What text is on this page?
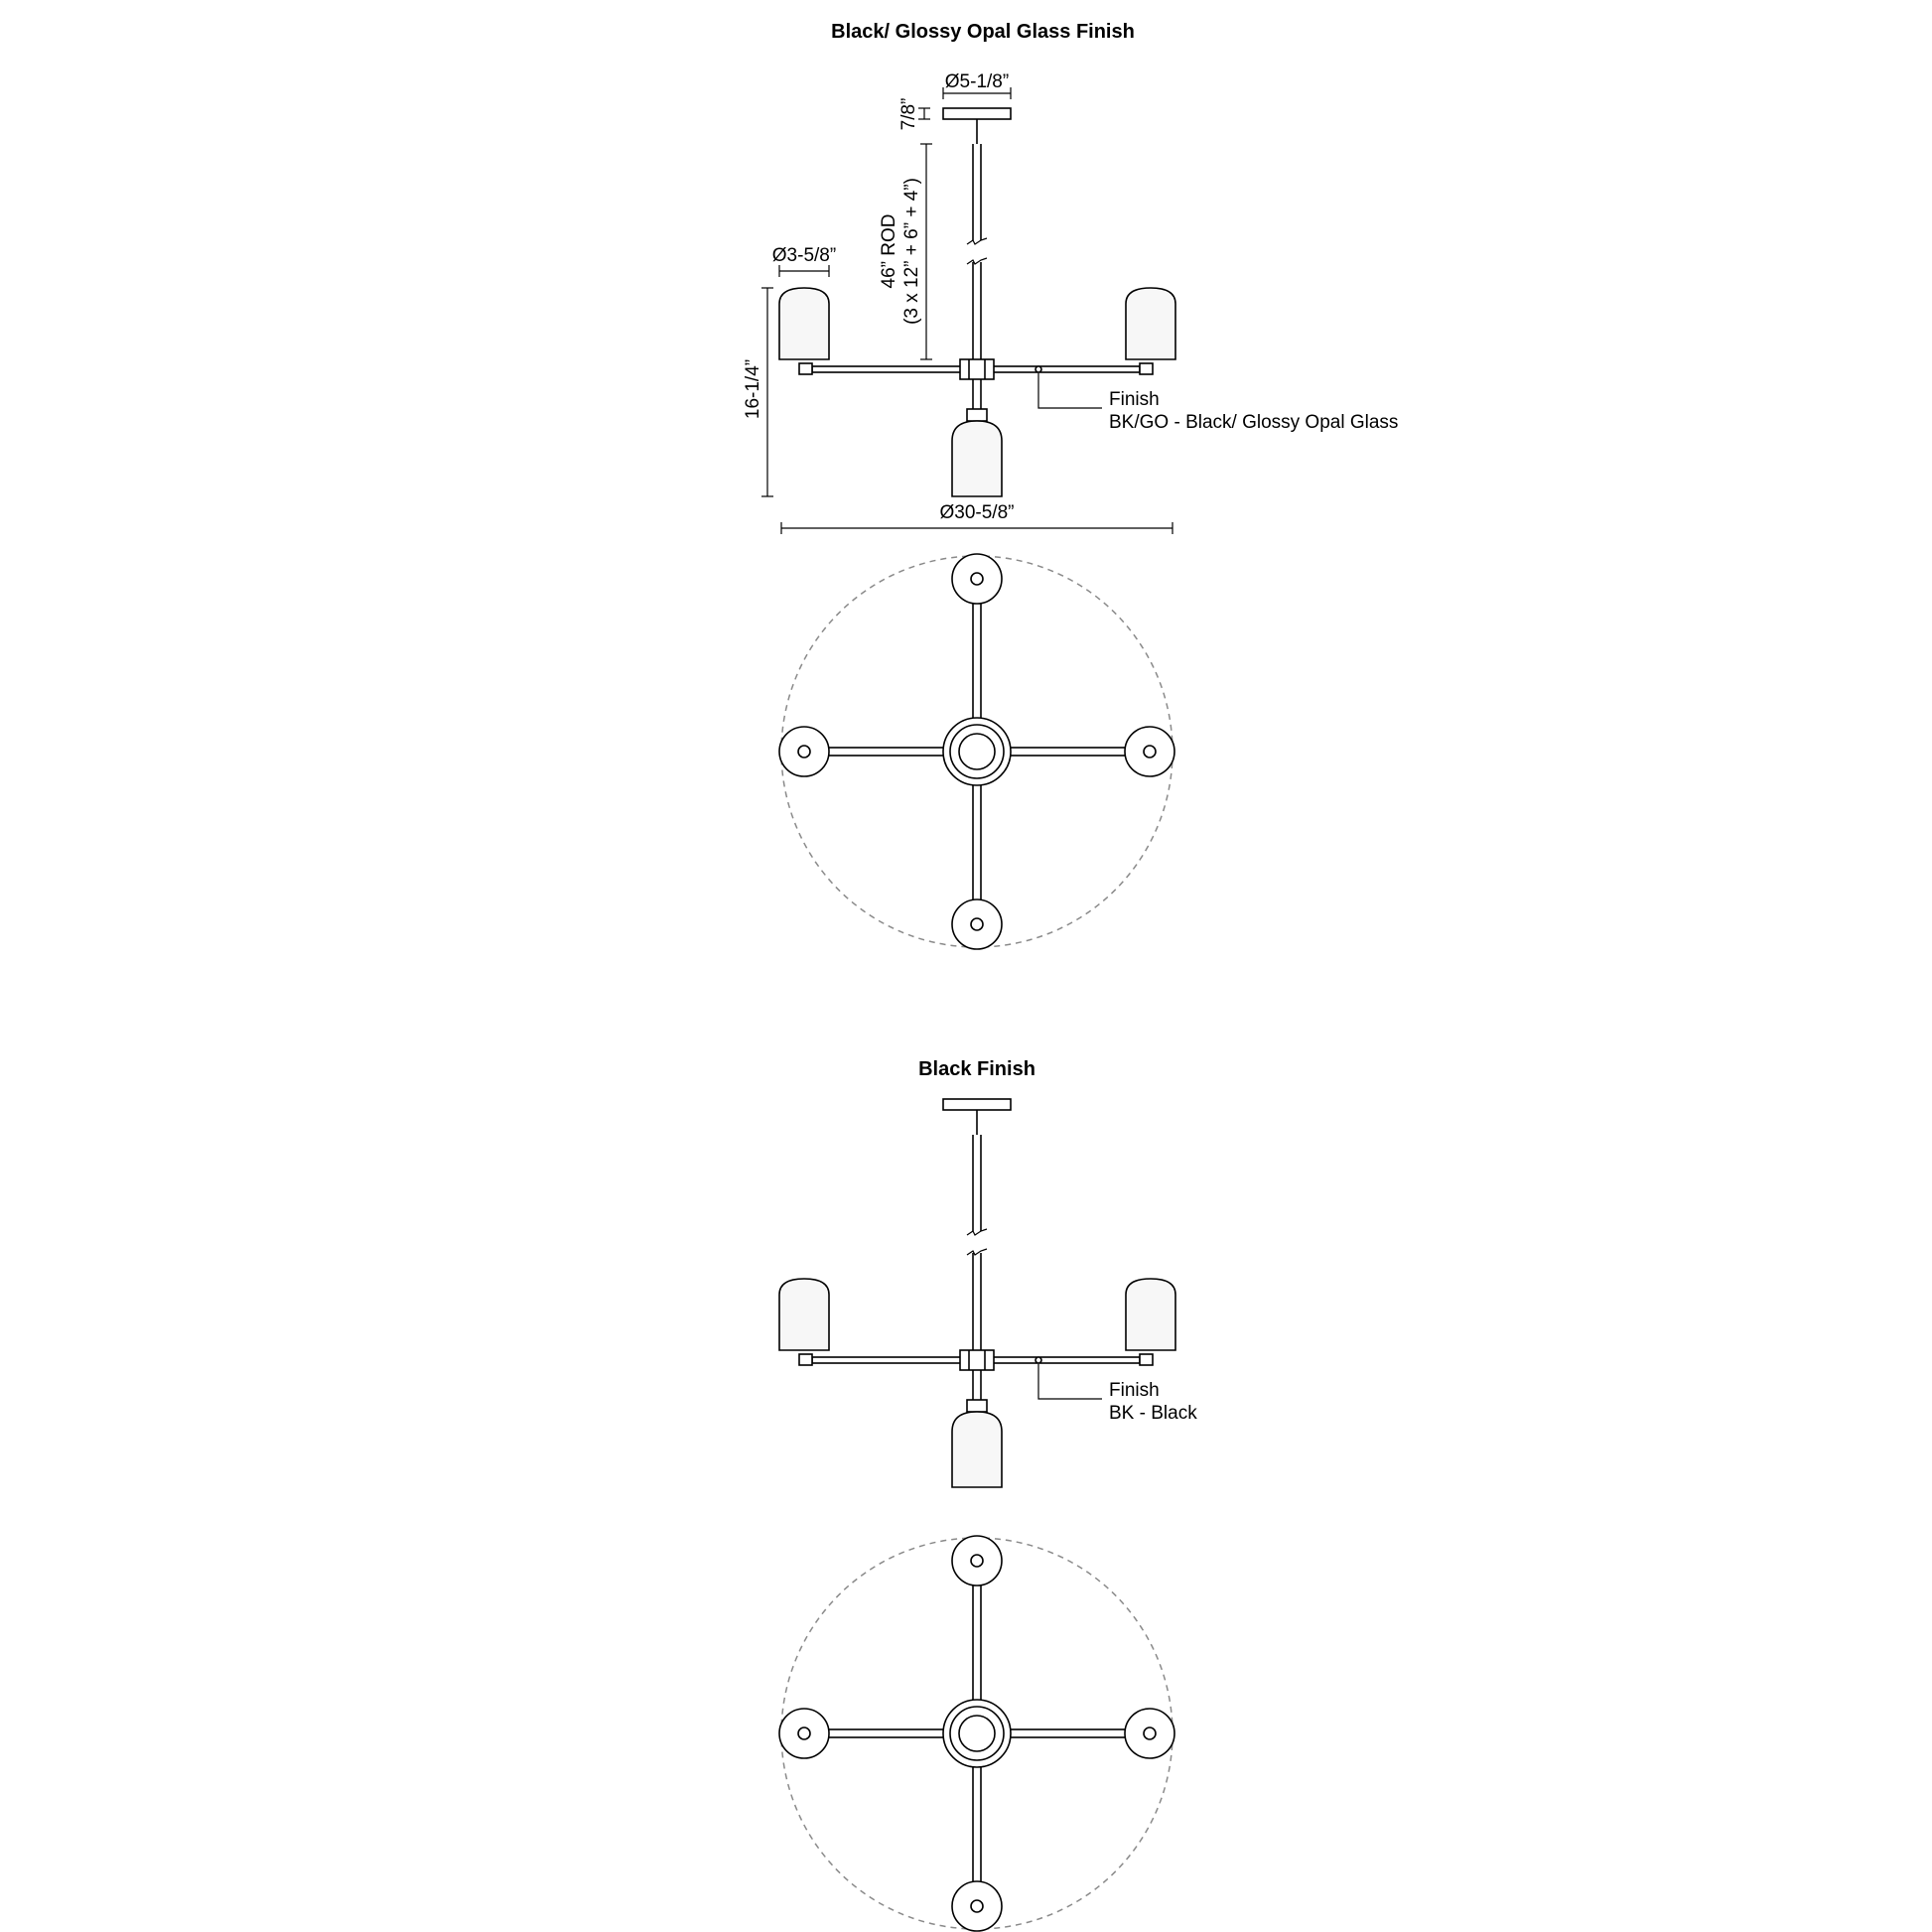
Black/ Glossy Opal Glass Finish
Finish
BK/GO - Black/ Glossy Opal Glass
Ø5-1/8”
7/8”
46” ROD (3 x 12” + 6” + 4”)
Ø3-5/8”
16-1/4”
Ø30-5/8”
Black Finish
Finish
BK - Black
